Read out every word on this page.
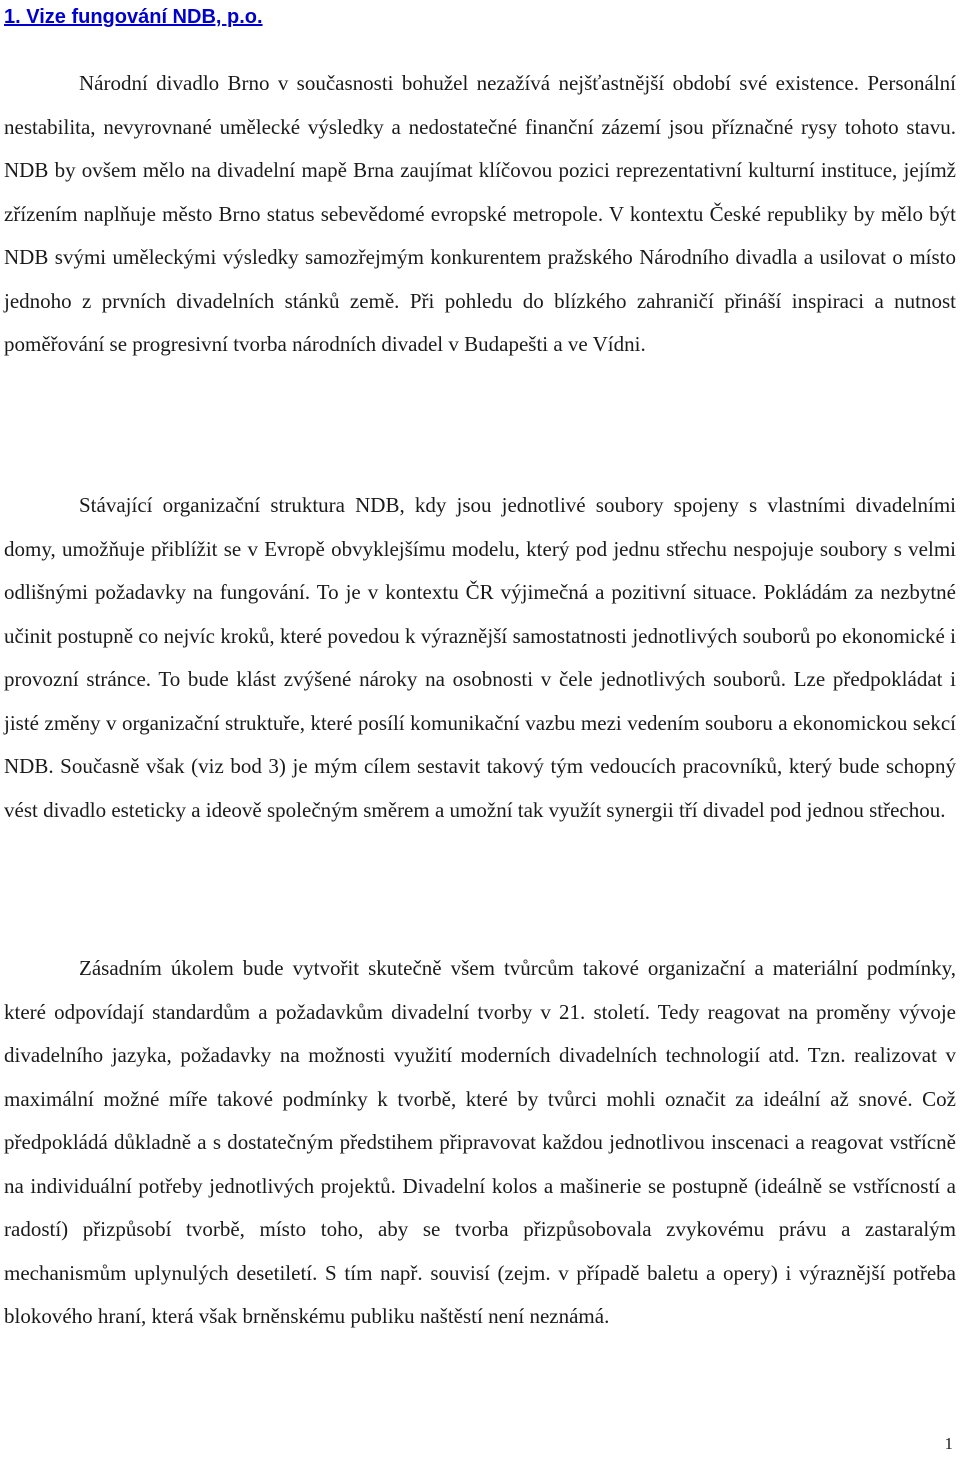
1. Vize fungování NDB, p.o.

Národní divadlo Brno v současnosti bohužel nezažívá nejšťastnější období své existence. Personální nestabilita, nevyrovnané umělecké výsledky a nedostatečné finanční zázemí jsou příznačné rysy tohoto stavu. NDB by ovšem mělo na divadelní mapě Brna zaujímat klíčovou pozici reprezentativní kulturní instituce, jejímž zřízením naplňuje město Brno status sebevědomé evropské metropole. V kontextu České republiky by mělo být NDB svými uměleckými výsledky samozřejmým konkurentem pražského Národního divadla a usilovat o místo jednoho z prvních divadelních stánků země. Při pohledu do blízkého zahraničí přináší inspiraci a nutnost poměřování se progresivní tvorba národních divadel v Budapešti a ve Vídni.

Stávající organizační struktura NDB, kdy jsou jednotlivé soubory spojeny s vlastními divadelními domy, umožňuje přiblížit se v Evropě obvyklejšímu modelu, který pod jednu střechu nespojuje soubory s velmi odlišnými požadavky na fungování. To je v kontextu ČR výjimečná a pozitivní situace. Pokládám za nezbytné učinit postupně co nejvíc kroků, které povedou k výraznější samostatnosti jednotlivých souborů po ekonomické i provozní stránce. To bude klást zvýšené nároky na osobnosti v čele jednotlivých souborů. Lze předpokládat i jisté změny v organizační struktuře, které posílí komunikační vazbu mezi vedením souboru a ekonomickou sekcí NDB. Současně však (viz bod 3) je mým cílem sestavit takový tým vedoucích pracovníků, který bude schopný vést divadlo esteticky a ideově společným směrem a umožní tak využít synergii tří divadel pod jednou střechou.

Zásadním úkolem bude vytvořit skutečně všem tvůrcům takové organizační a materiální podmínky, které odpovídají standardům a požadavkům divadelní tvorby v 21. století. Tedy reagovat na proměny vývoje divadelního jazyka, požadavky na možnosti využití moderních divadelních technologií atd. Tzn. realizovat v maximální možné míře takové podmínky k tvorbě, které by tvůrci mohli označit za ideální až snové. Což předpokládá důkladně a s dostatečným předstihem připravovat každou jednotlivou inscenaci a reagovat vstřícně na individuální potřeby jednotlivých projektů. Divadelní kolos a mašinerie se postupně (ideálně se vstřícností a radostí) přizpůsobí tvorbě, místo toho, aby se tvorba přizpůsobovala zvykovému právu a zastaralým mechanismům uplynulých desetiletí. S tím např. souvisí (zejm. v případě baletu a opery) i výraznější potřeba blokového hraní, která však brněnskému publiku naštěstí není neznámá.

1
